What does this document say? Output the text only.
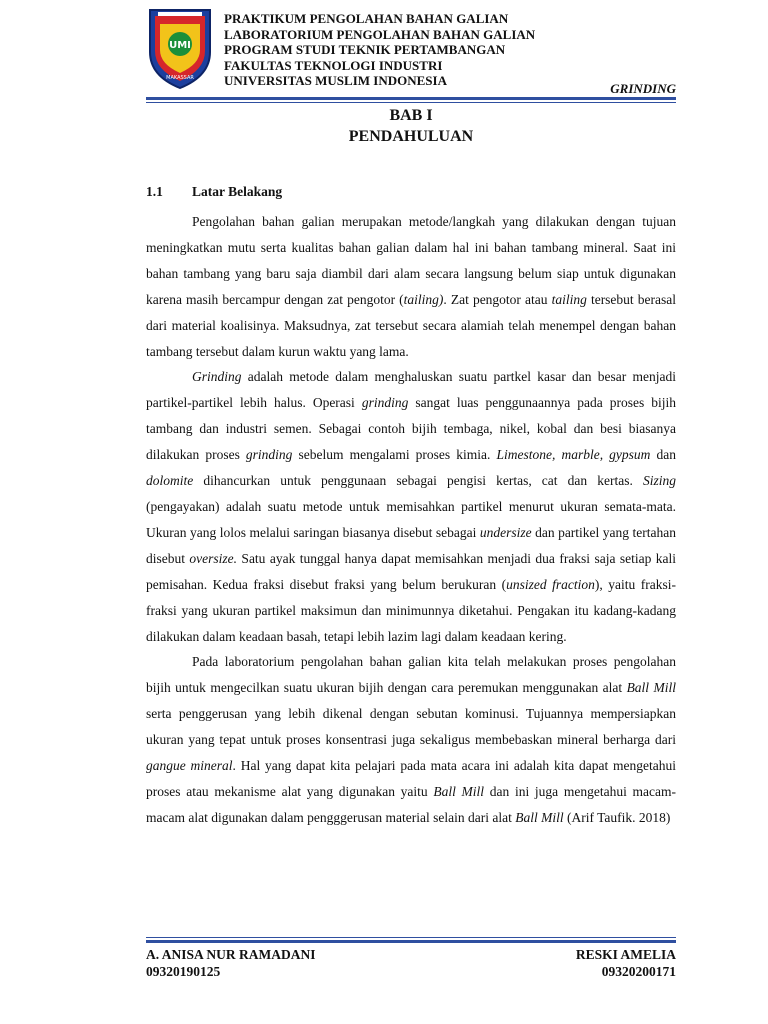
UMI
MAKASSAR
PRAKTIKUM PENGOLAHAN BAHAN GALIAN
LABORATORIUM PENGOLAHAN BAHAN GALIAN
PROGRAM STUDI TEKNIK PERTAMBANGAN
FAKULTAS TEKNOLOGI INDUSTRI
UNIVERSITAS MUSLIM INDONESIA
GRINDING
BAB I
PENDAHULUAN
1.1 Latar Belakang

Pengolahan bahan galian merupakan metode/langkah yang dilakukan dengan tujuan meningkatkan mutu serta kualitas bahan galian dalam hal ini bahan tambang mineral. Saat ini bahan tambang yang baru saja diambil dari alam secara langsung belum siap untuk digunakan karena masih bercampur dengan zat pengotor (tailing). Zat pengotor atau tailing tersebut berasal dari material koalisinya. Maksudnya, zat tersebut secara alamiah telah menempel dengan bahan tambang tersebut dalam kurun waktu yang lama.

Grinding adalah metode dalam menghaluskan suatu partkel kasar dan besar menjadi partikel-partikel lebih halus. Operasi grinding sangat luas penggunaannya pada proses bijih tambang dan industri semen. Sebagai contoh bijih tembaga, nikel, kobal dan besi biasanya dilakukan proses grinding sebelum mengalami proses kimia. Limestone, marble, gypsum dan dolomite dihancurkan untuk penggunaan sebagai pengisi kertas, cat dan kertas. Sizing (pengayakan) adalah suatu metode untuk memisahkan partikel menurut ukuran semata-mata. Ukuran yang lolos melalui saringan biasanya disebut sebagai undersize dan partikel yang tertahan disebut oversize. Satu ayak tunggal hanya dapat memisahkan menjadi dua fraksi saja setiap kali pemisahan. Kedua fraksi disebut fraksi yang belum berukuran (unsized fraction), yaitu fraksi-fraksi yang ukuran partikel maksimun dan minimunnya diketahui. Pengakan itu kadang-kadang dilakukan dalam keadaan basah, tetapi lebih lazim lagi dalam keadaan kering.

Pada laboratorium pengolahan bahan galian kita telah melakukan proses pengolahan bijih untuk mengecilkan suatu ukuran bijih dengan cara peremukan menggunakan alat Ball Mill serta penggerusan yang lebih dikenal dengan sebutan kominusi. Tujuannya mempersiapkan ukuran yang tepat untuk proses konsentrasi juga sekaligus membebaskan mineral berharga dari gangue mineral. Hal yang dapat kita pelajari pada mata acara ini adalah kita dapat mengetahui proses atau mekanisme alat yang digunakan yaitu Ball Mill dan ini juga mengetahui macam-macam alat digunakan dalam pengggerusan material selain dari alat Ball Mill (Arif Taufik. 2018)

A. ANISA NUR RAMADANI
09320190125
RESKI AMELIA
09320200171
